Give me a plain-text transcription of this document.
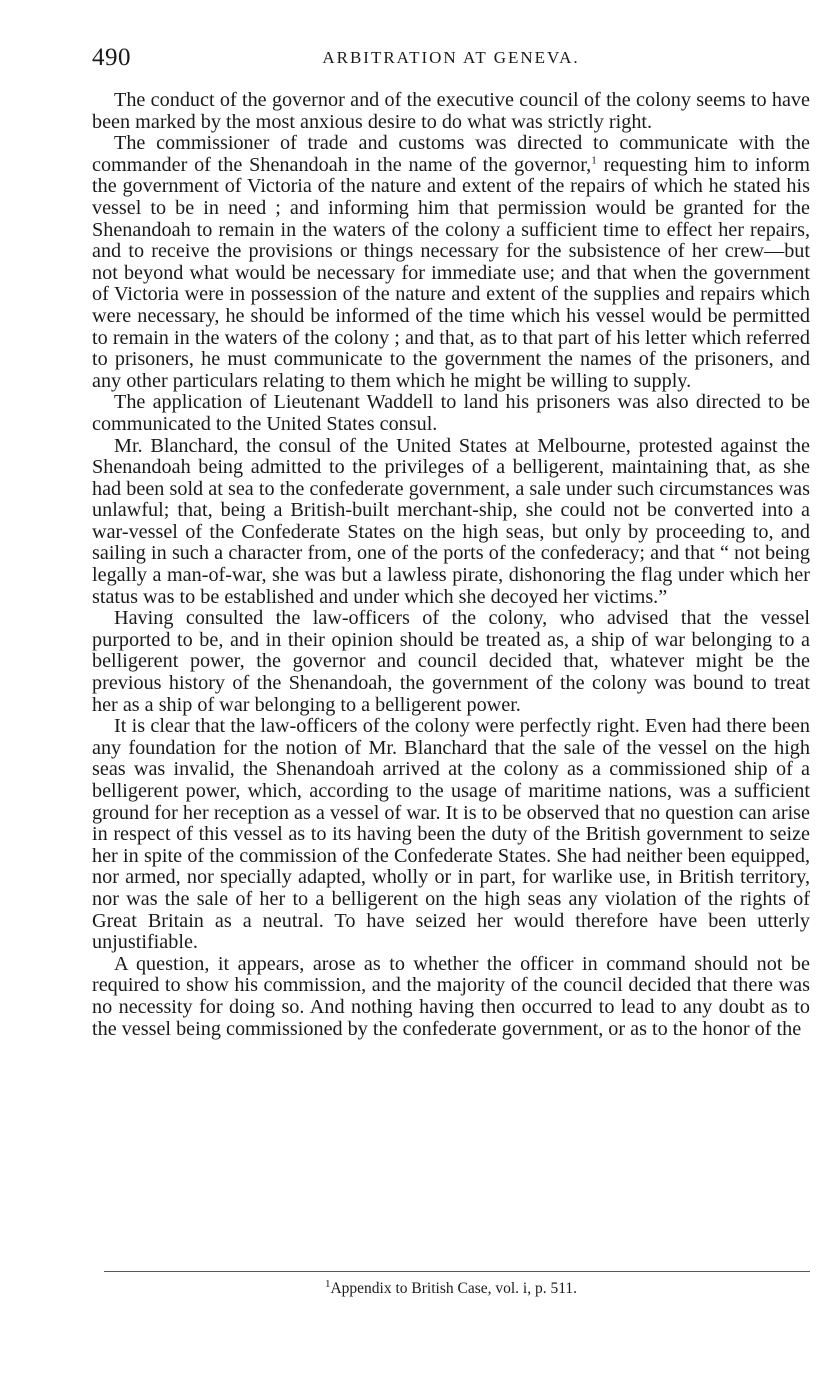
490	ARBITRATION AT GENEVA.

The conduct of the governor and of the executive council of the colony seems to have been marked by the most anxious desire to do what was strictly right.

The commissioner of trade and customs was directed to communicate with the commander of the Shenandoah in the name of the governor,$^1$ requesting him to inform the government of Victoria of the nature and extent of the repairs of which he stated his vessel to be in need ; and informing him that permission would be granted for the Shenandoah to remain in the waters of the colony a sufficient time to effect her repairs, and to receive the provisions or things necessary for the subsistence of her crew—but not beyond what would be necessary for immediate use; and that when the government of Victoria were in possession of the nature and extent of the supplies and repairs which were necessary, he should be informed of the time which his vessel would be permitted to remain in the waters of the colony ; and that, as to that part of his letter which referred to prisoners, he must communicate to the government the names of the prisoners, and any other particulars relating to them which he might be willing to supply.

The application of Lieutenant Waddell to land his prisoners was also directed to be communicated to the United States consul.

Mr. Blanchard, the consul of the United States at Melbourne, protested against the Shenandoah being admitted to the privileges of a belligerent, maintaining that, as she had been sold at sea to the confederate government, a sale under such circumstances was unlawful; that, being a British-built merchant-ship, she could not be converted into a war-vessel of the Confederate States on the high seas, but only by proceeding to, and sailing in such a character from, one of the ports of the confederacy; and that “ not being legally a man-of-war, she was but a lawless pirate, dishonoring the flag under which her status was to be established and under which she decoyed her victims.”

Having consulted the law-officers of the colony, who advised that the vessel purported to be, and in their opinion should be treated as, a ship of war belonging to a belligerent power, the governor and council decided that, whatever might be the previous history of the Shenandoah, the government of the colony was bound to treat her as a ship of war belonging to a belligerent power.

It is clear that the law-officers of the colony were perfectly right. Even had there been any foundation for the notion of Mr. Blanchard that the sale of the vessel on the high seas was invalid, the Shenandoah arrived at the colony as a commissioned ship of a belligerent power, which, according to the usage of maritime nations, was a sufficient ground for her reception as a vessel of war. It is to be observed that no question can arise in respect of this vessel as to its having been the duty of the British government to seize her in spite of the commission of the Confederate States. She had neither been equipped, nor armed, nor specially adapted, wholly or in part, for warlike use, in British territory, nor was the sale of her to a belligerent on the high seas any violation of the rights of Great Britain as a neutral. To have seized her would therefore have been utterly unjustifiable.

A question, it appears, arose as to whether the officer in command should not be required to show his commission, and the majority of the council decided that there was no necessity for doing so. And nothing having then occurred to lead to any doubt as to the vessel being commissioned by the confederate government, or as to the honor of the

$^1$Appendix to British Case, vol. i, p. 511.
